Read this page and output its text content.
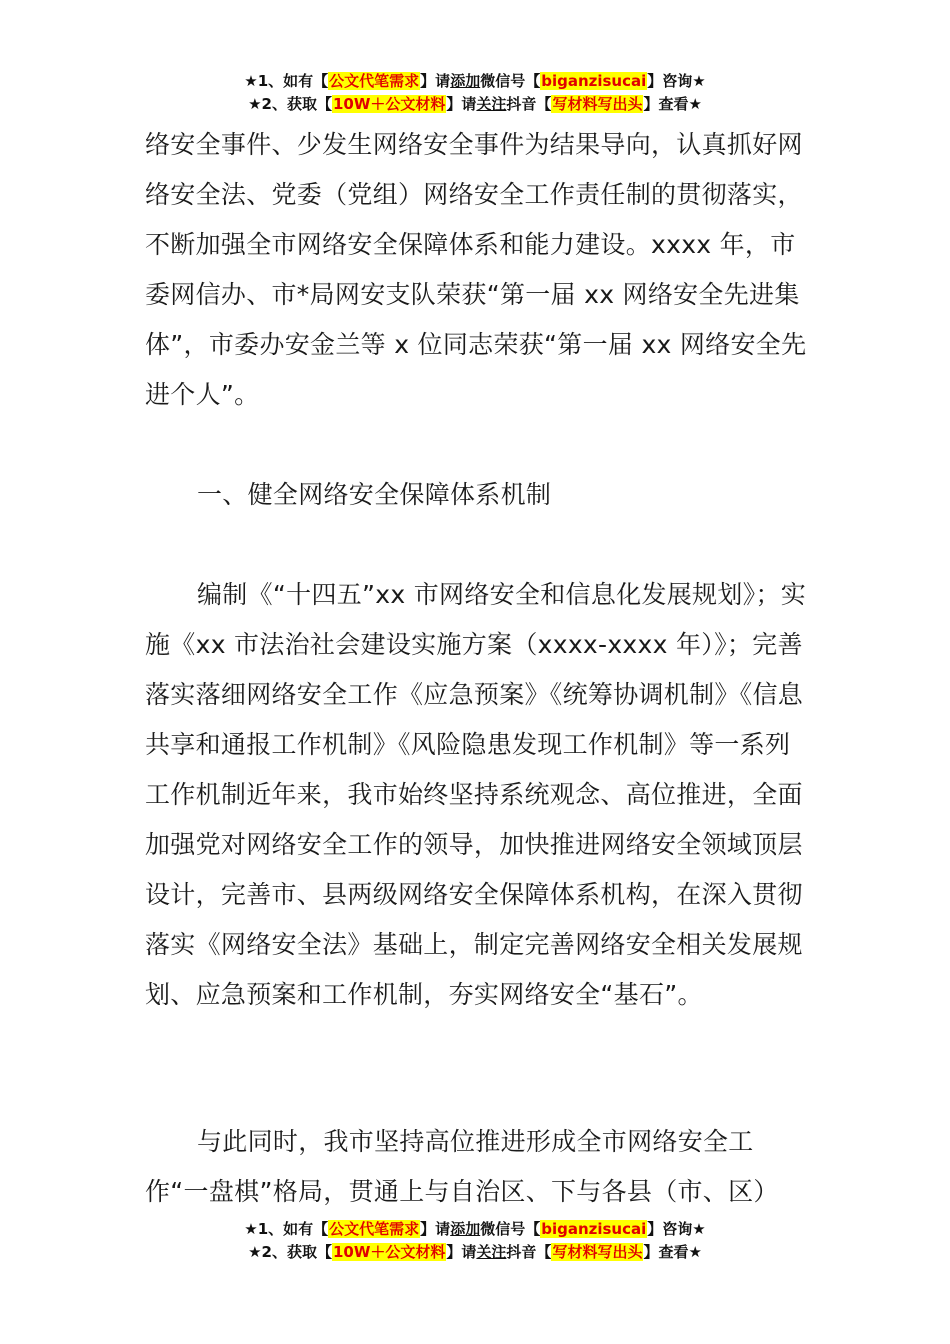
★1、如有【公文代笔需求】请添加微信号【biganzisucai】咨询★
★2、获取【10W＋公文材料】请关注抖音【写材料写出头】查看★

络安全事件、少发生网络安全事件为结果导向，认真抓好网络安全法、党委（党组）网络安全工作责任制的贯彻落实，不断加强全市网络安全保障体系和能力建设。xxxx 年，市委网信办、市*局网安支队荣获“第一届 xx 网络安全先进集体”，市委办安金兰等 x 位同志荣获“第一届 xx 网络安全先进个人”。

一、健全网络安全保障体系机制

编制《“十四五”xx 市网络安全和信息化发展规划》；实施《xx 市法治社会建设实施方案（xxxx-xxxx 年）》；完善落实落细网络安全工作《应急预案》《统筹协调机制》《信息共享和通报工作机制》《风险隐患发现工作机制》等一系列工作机制近年来，我市始终坚持系统观念、高位推进，全面加强党对网络安全工作的领导，加快推进网络安全领域顶层设计，完善市、县两级网络安全保障体系机构，在深入贯彻落实《网络安全法》基础上，制定完善网络安全相关发展规划、应急预案和工作机制，夯实网络安全“基石”。

与此同时，我市坚持高位推进形成全市网络安全工作“一盘棋”格局，贯通上与自治区、下与各县（市、区）

★1、如有【公文代笔需求】请添加微信号【biganzisucai】咨询★
★2、获取【10W＋公文材料】请关注抖音【写材料写出头】查看★
